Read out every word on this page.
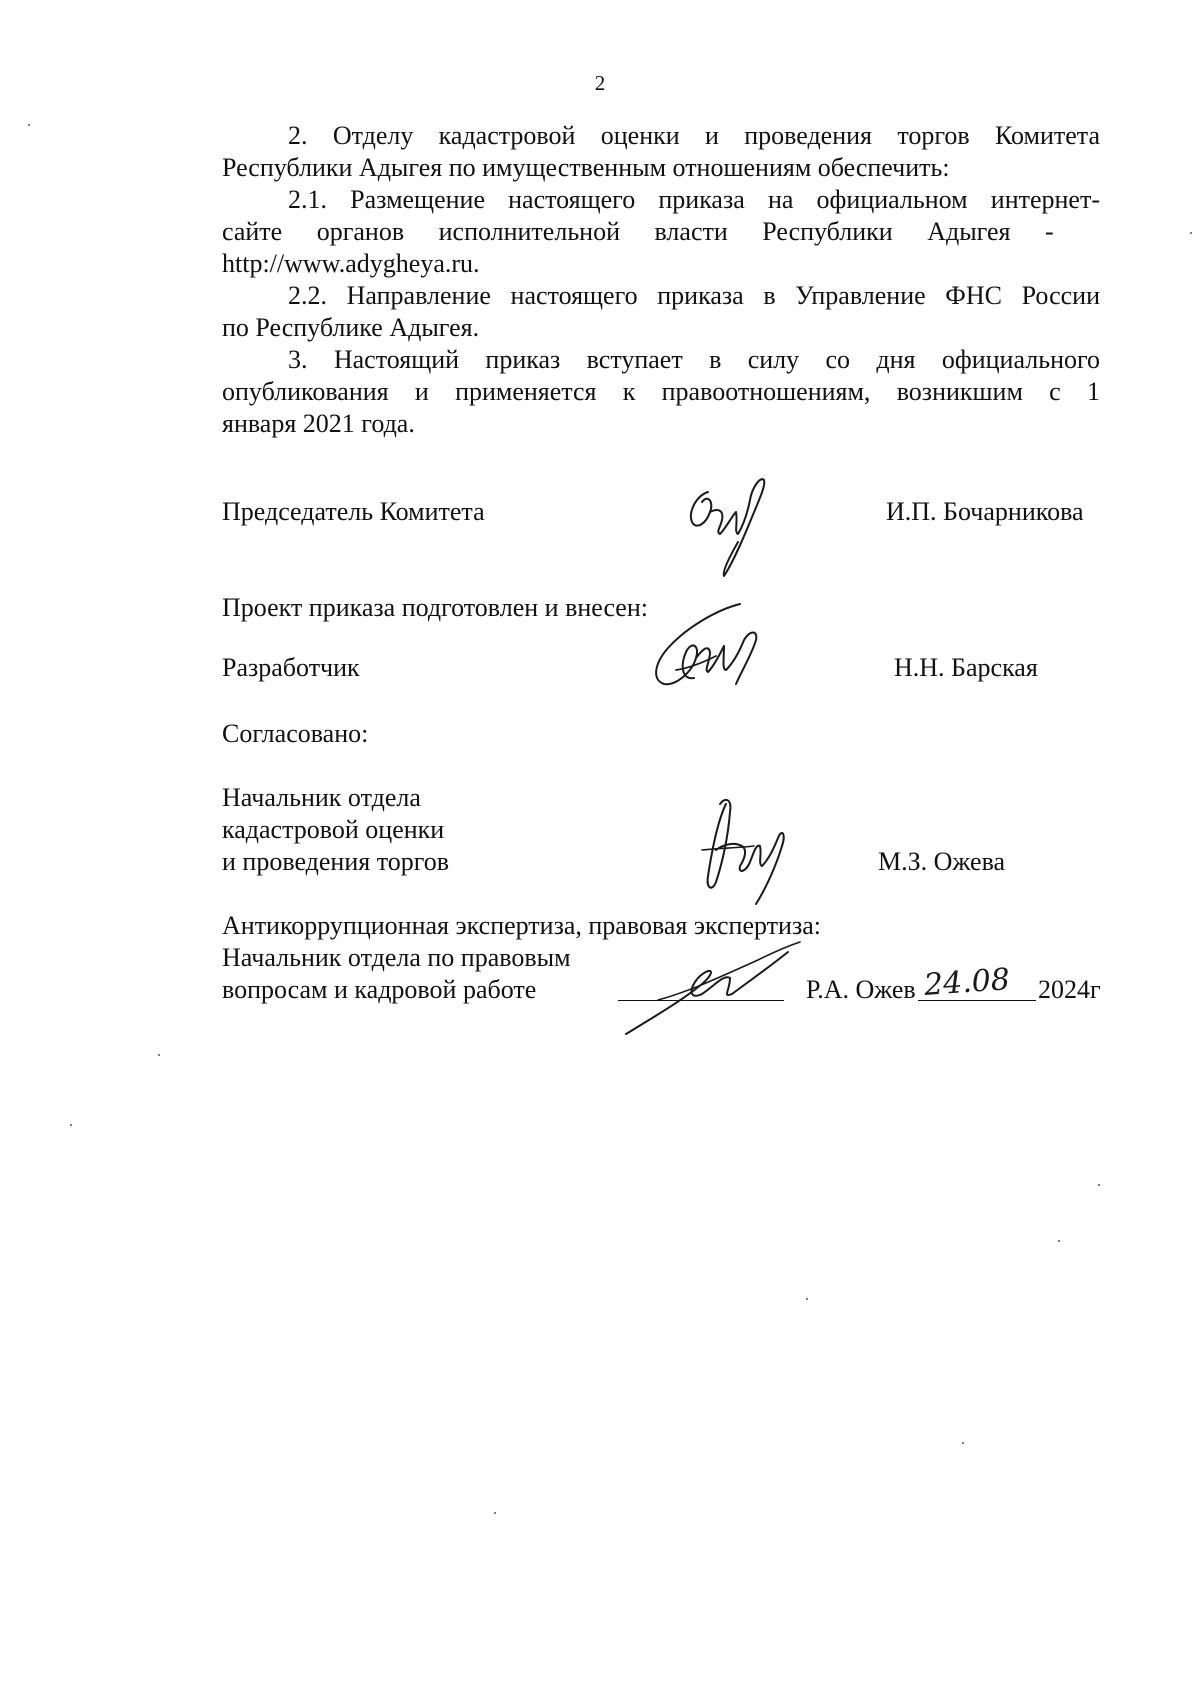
2
2. Отделу кадастровой оценки и проведения торгов Комитета
Республики Адыгея по имущественным отношениям обеспечить:
2.1. Размещение настоящего приказа на официальном интернет-
сайте органов исполнительной власти Республики Адыгея -
http://www.adygheya.ru.
2.2. Направление настоящего приказа в Управление ФНС России
по Республике Адыгея.
3. Настоящий приказ вступает в силу со дня официального
опубликования и применяется к правоотношениям, возникшим с 1
января 2021 года.
Председатель Комитета	И.П. Бочарникова
Проект приказа подготовлен и внесен:
Разработчик	Н.Н. Барская
Согласовано:
Начальник отдела
кадастровой оценки
и проведения торгов	М.З. Ожева
Антикоррупционная экспертиза, правовая экспертиза:
Начальник отдела по правовым
вопросам и кадровой работе	Р.А. Ожев 24.08 2024г
